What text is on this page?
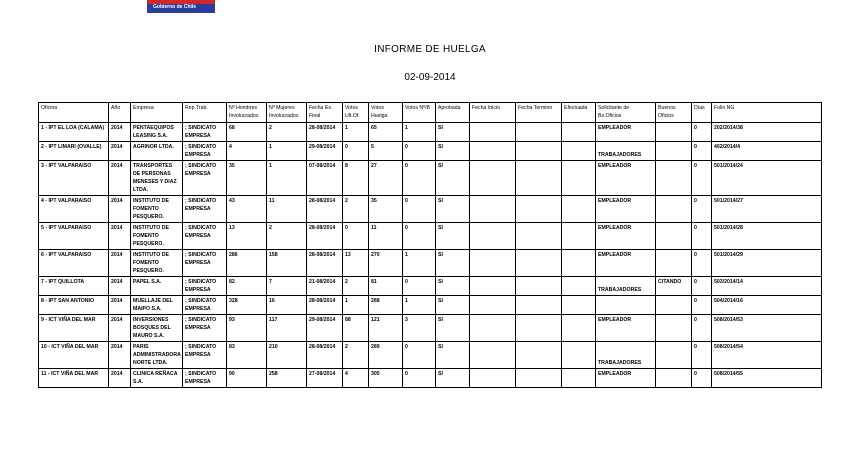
Gobierno de Chile
INFORME DE HUELGA
02-09-2014
Oficina	Año	Empresa	Rep.Trab.	Nº Hombres Involucrados	Nº Mujeres Involucrados	Fecha Ex. Final	Votos Ult.Of.	Votos Huelga	Votos Nº/B	Aprobada	Fecha Inicio	Fecha Termino	Efectuada	Solicitante de Bs.Oficios	Buenos Oficios	Días	Folio NG
1 - IPT EL LOA (CALAMA)	2014	PENTAEQUIPOS LEASING S.A.	; SINDICATO EMPRESA	68	2	28-08/2014	1	65	1	SI				EMPLEADOR		0	202/2014/38
2 - IPT LIMARI (OVALLE)	2014	AGRINOR LTDA.	; SINDICATO EMPRESA	4	1	29-08/2014	0	5	0	SI				TRABAJADORES		0	402/2014/4
3 - IPT VALPARAISO	2014	TRANSPORTES DE PERSONAS MENESES Y DIAZ LTDA.	; SINDICATO EMPRESA	35	1	07-08/2014	8	27	0	SI				EMPLEADOR		0	501/2014/24
4 - IPT VALPARAISO	2014	INSTITUTO DE FOMENTO PESQUERO.	; SINDICATO EMPRESA	43	11	28-08/2014	2	35	0	SI				EMPLEADOR		0	501/2014/27
5 - IPT VALPARAISO	2014	INSTITUTO DE FOMENTO PESQUERO.	; SINDICATO EMPRESA	13	2	28-08/2014	0	11	0	SI				EMPLEADOR		0	501/2014/28
6 - IPT VALPARAISO	2014	INSTITUTO DE FOMENTO PESQUERO.	; SINDICATO EMPRESA	286	158	28-08/2014	13	270	1	SI				EMPLEADOR		0	501/2014/29
7 - IPT QUILLOTA	2014	PAPEL S.A.	; SINDICATO EMPRESA	82	7	21-08/2014	2	81	0	SI				TRABAJADORES	CITANDO	0	503/2014/14
8 - IPT SAN ANTONIO	2014	MUELLAJE DEL MAIPO S.A.	; SINDICATO EMPRESA	328	16	28-08/2014	1	288	1	SI						0	504/2014/16
9 - ICT VIÑA DEL MAR	2014	INVERSIONES BOSQUES DEL MAURO S.A.	; SINDICATO EMPRESA	93	117	29-08/2014	88	121	3	SI				EMPLEADOR		0	508/2014/53
10 - ICT VIÑA DEL MAR	2014	PARIS ADMINISTRADORA NORTE LTDA.	; SINDICATO EMPRESA	83	210	28-08/2014	2	289	0	SI				TRABAJADORES		0	508/2014/54
11 - ICT VIÑA DEL MAR	2014	CLINICA REÑACA S.A.	; SINDICATO EMPRESA	90	258	27-08/2014	4	305	0	SI				EMPLEADOR		0	508/2014/55
